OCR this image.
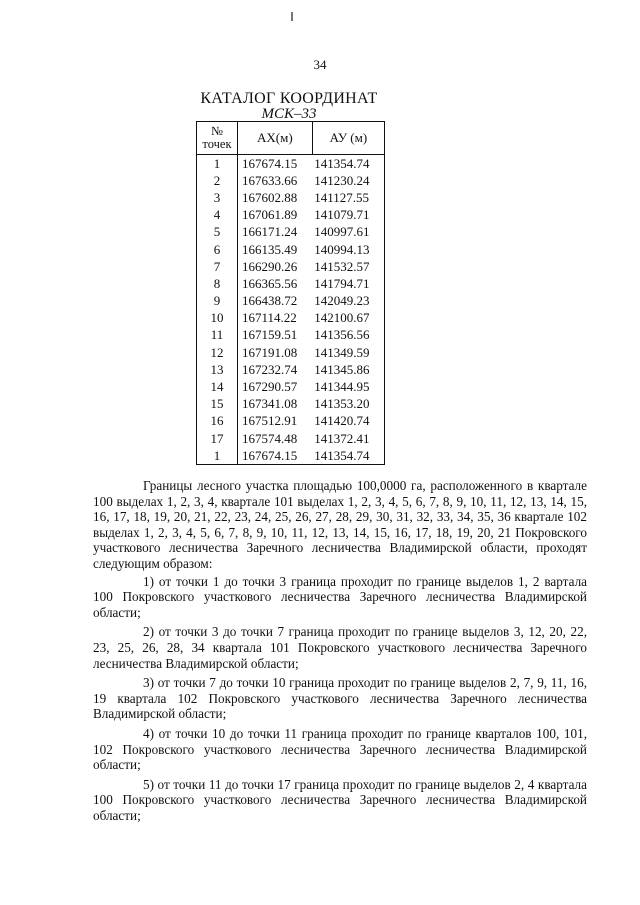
34
КАТАЛОГ КООРДИНАТ
МСК–33
№
точек	АХ(м)	АУ (м)
1	167674.15	141354.74
2	167633.66	141230.24
3	167602.88	141127.55
4	167061.89	141079.71
5	166171.24	140997.61
6	166135.49	140994.13
7	166290.26	141532.57
8	166365.56	141794.71
9	166438.72	142049.23
10	167114.22	142100.67
11	167159.51	141356.56
12	167191.08	141349.59
13	167232.74	141345.86
14	167290.57	141344.95
15	167341.08	141353.20
16	167512.91	141420.74
17	167574.48	141372.41
1	167674.15	141354.74

Границы лесного участка площадью 100,0000 га, расположенного в квартале 100 выделах 1, 2, 3, 4, квартале 101 выделах 1, 2, 3, 4, 5, 6, 7, 8, 9, 10, 11, 12, 13, 14, 15, 16, 17, 18, 19, 20, 21, 22, 23, 24, 25, 26, 27, 28, 29, 30, 31, 32, 33, 34, 35, 36 квартале 102 выделах 1, 2, 3, 4, 5, 6, 7, 8, 9, 10, 11, 12, 13, 14, 15, 16, 17, 18, 19, 20, 21 Покровского участкового лесничества Заречного лесничества Владимирской области, проходят следующим образом:

1) от точки 1 до точки 3 граница проходит по границе выделов 1, 2 вартала 100 Покровского участкового лесничества Заречного лесничества Владимирской области;

2) от точки 3 до точки 7 граница проходит по границе выделов 3, 12, 20, 22, 23, 25, 26, 28, 34 квартала 101 Покровского участкового лесничества Заречного лесничества Владимирской области;

3) от точки 7 до точки 10 граница проходит по границе выделов 2, 7, 9, 11, 16, 19 квартала 102 Покровского участкового лесничества Заречного лесничества Владимирской области;

4) от точки 10 до точки 11 граница проходит по границе кварталов 100, 101, 102 Покровского участкового лесничества Заречного лесничества Владимирской области;

5) от точки 11 до точки 17 граница проходит по границе выделов 2, 4 квартала 100 Покровского участкового лесничества Заречного лесничества Владимирской области;
